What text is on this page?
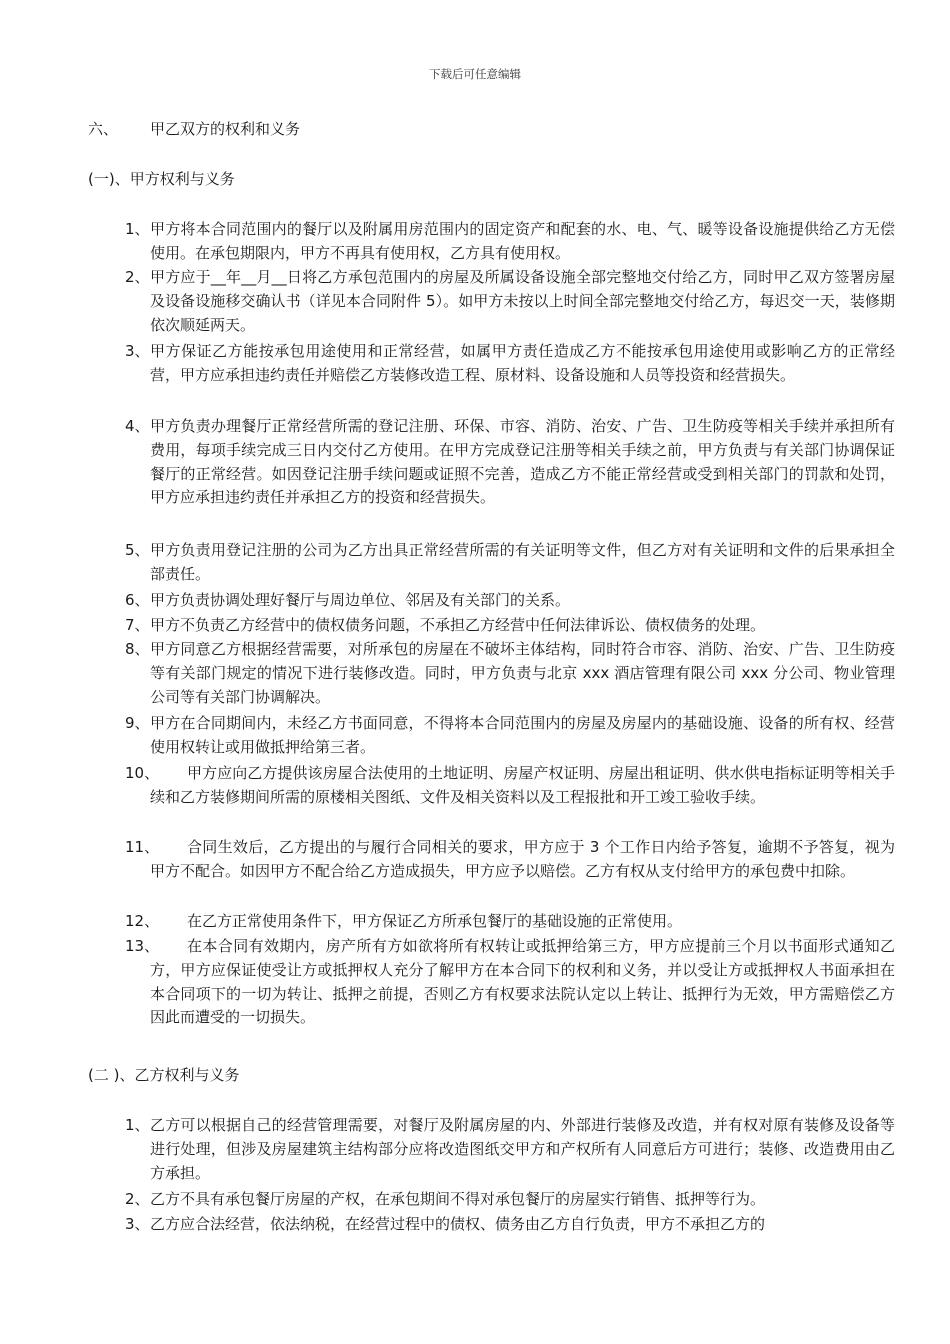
下载后可任意编辑
六、 甲乙双方的权利和义务
(一)、甲方权利与义务
1、 甲方将本合同范围内的餐厅以及附属用房范围内的固定资产和配套的水、电、气、暖等设备设施提供给乙方无偿使用。在承包期限内，甲方不再具有使用权，乙方具有使用权。
2、 甲方应于__年__月__日将乙方承包范围内的房屋及所属设备设施全部完整地交付给乙方，同时甲乙双方签署房屋及设备设施移交确认书（详见本合同附件 5）。如甲方未按以上时间全部完整地交付给乙方，每迟交一天，装修期依次顺延两天。
3、 甲方保证乙方能按承包用途使用和正常经营，如属甲方责任造成乙方不能按承包用途使用或影响乙方的正常经营，甲方应承担违约责任并赔偿乙方装修改造工程、原材料、设备设施和人员等投资和经营损失。
4、 甲方负责办理餐厅正常经营所需的登记注册、环保、市容、消防、治安、广告、卫生防疫等相关手续并承担所有费用，每项手续完成三日内交付乙方使用。在甲方完成登记注册等相关手续之前，甲方负责与有关部门协调保证餐厅的正常经营。如因登记注册手续问题或证照不完善，造成乙方不能正常经营或受到相关部门的罚款和处罚，甲方应承担违约责任并承担乙方的投资和经营损失。
5、 甲方负责用登记注册的公司为乙方出具正常经营所需的有关证明等文件，但乙方对有关证明和文件的后果承担全部责任。
6、 甲方负责协调处理好餐厅与周边单位、邻居及有关部门的关系。
7、 甲方不负责乙方经营中的债权债务问题，不承担乙方经营中任何法律诉讼、债权债务的处理。
8、 甲方同意乙方根据经营需要，对所承包的房屋在不破坏主体结构，同时符合市容、消防、治安、广告、卫生防疫等有关部门规定的情况下进行装修改造。同时，甲方负责与北京 xxx 酒店管理有限公司 xxx 分公司、物业管理公司等有关部门协调解决。
9、 甲方在合同期间内，未经乙方书面同意，不得将本合同范围内的房屋及房屋内的基础设施、设备的所有权、经营使用权转让或用做抵押给第三者。
10、	甲方应向乙方提供该房屋合法使用的土地证明、房屋产权证明、房屋出租证明、供水供电指标证明等相关手续和乙方装修期间所需的原楼相关图纸、文件及相关资料以及工程报批和开工竣工验收手续。
11、	合同生效后，乙方提出的与履行合同相关的要求，甲方应于 3 个工作日内给予答复，逾期不予答复，视为甲方不配合。如因甲方不配合给乙方造成损失，甲方应予以赔偿。乙方有权从支付给甲方的承包费中扣除。
12、	在乙方正常使用条件下，甲方保证乙方所承包餐厅的基础设施的正常使用。
13、	在本合同有效期内，房产所有方如欲将所有权转让或抵押给第三方，甲方应提前三个月以书面形式通知乙方，甲方应保证使受让方或抵押权人充分了解甲方在本合同下的权利和义务，并以受让方或抵押权人书面承担在本合同项下的一切为转让、抵押之前提，否则乙方有权要求法院认定以上转让、抵押行为无效，甲方需赔偿乙方因此而遭受的一切损失。
(二 )、乙方权利与义务
1、 乙方可以根据自己的经营管理需要，对餐厅及附属房屋的内、外部进行装修及改造，并有权对原有装修及设备等进行处理，但涉及房屋建筑主结构部分应将改造图纸交甲方和产权所有人同意后方可进行；装修、改造费用由乙方承担。
2、 乙方不具有承包餐厅房屋的产权，在承包期间不得对承包餐厅的房屋实行销售、抵押等行为。
3、 乙方应合法经营，依法纳税，在经营过程中的债权、债务由乙方自行负责，甲方不承担乙方的
